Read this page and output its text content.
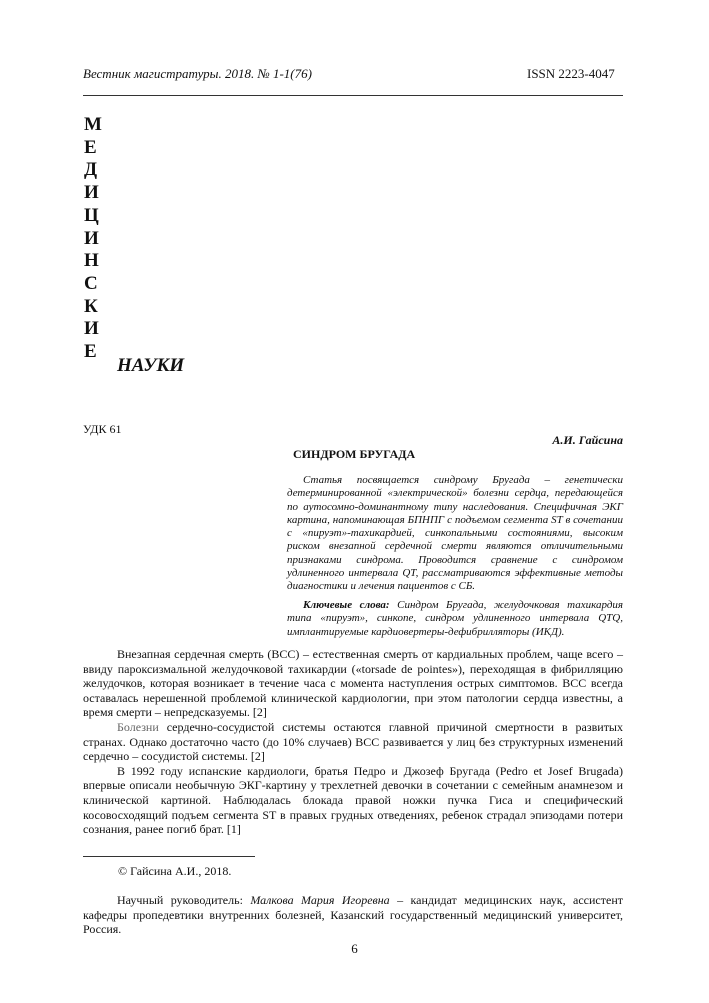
Вестник магистратуры. 2018. № 1-1(76)	ISSN 2223-4047
М
Е
Д
И
Ц
И
Н
С
К
И
Е
НАУКИ
УДК 61
А.И. Гайсина
СИНДРОМ БРУГАДА
Статья посвящается синдрому Бругада – генетически детерминированной «электрической» болезни сердца, передающейся по аутосомно-доминантному типу наследования. Специфичная ЭКГ картина, напоминающая БПНПГ с подъемом сегмента ST в сочетании с «пируэт»-тахикардией, синкопальными состояниями, высоким риском внезапной сердечной смерти являются отличительными признаками синдрома. Проводится сравнение с синдромом удлиненного интервала QT, рассматриваются эффективные методы диагностики и лечения пациентов с СБ.
Ключевые слова: Синдром Бругада, желудочковая тахикардия типа «пируэт», синкопе, синдром удлиненного интервала QTQ, имплантируемые кардиовертеры-дефибрилляторы (ИКД).

Внезапная сердечная смерть (ВСС) – естественная смерть от кардиальных проблем, чаще всего – ввиду пароксизмальной желудочковой тахикардии («torsade de pointes»), переходящая в фибрилляцию желудочков, которая возникает в течение часа с момента наступления острых симптомов. ВСС всегда оставалась нерешенной проблемой клинической кардиологии, при этом патологии сердца известны, а время смерти – непредсказуемы. [2]

Болезни сердечно-сосудистой системы остаются главной причиной смертности в развитых странах. Однако достаточно часто (до 10% случаев) ВСС развивается у лиц без структурных изменений сердечно – сосудистой системы. [2]

В 1992 году испанские кардиологи, братья Педро и Джозеф Бругада (Pedro et Josef Brugada) впервые описали необычную ЭКГ-картину у трехлетней девочки в сочетании с семейным анамнезом и клинической картиной. Наблюдалась блокада правой ножки пучка Гиса и специфический косовосходящий подъем сегмента ST в правых грудных отведениях, ребенок страдал эпизодами потери сознания, ранее погиб брат. [1]

© Гайсина А.И., 2018.
Научный руководитель: Малкова Мария Игоревна – кандидат медицинских наук, ассистент кафедры пропедевтики внутренних болезней, Казанский государственный медицинский университет, Россия.
6
